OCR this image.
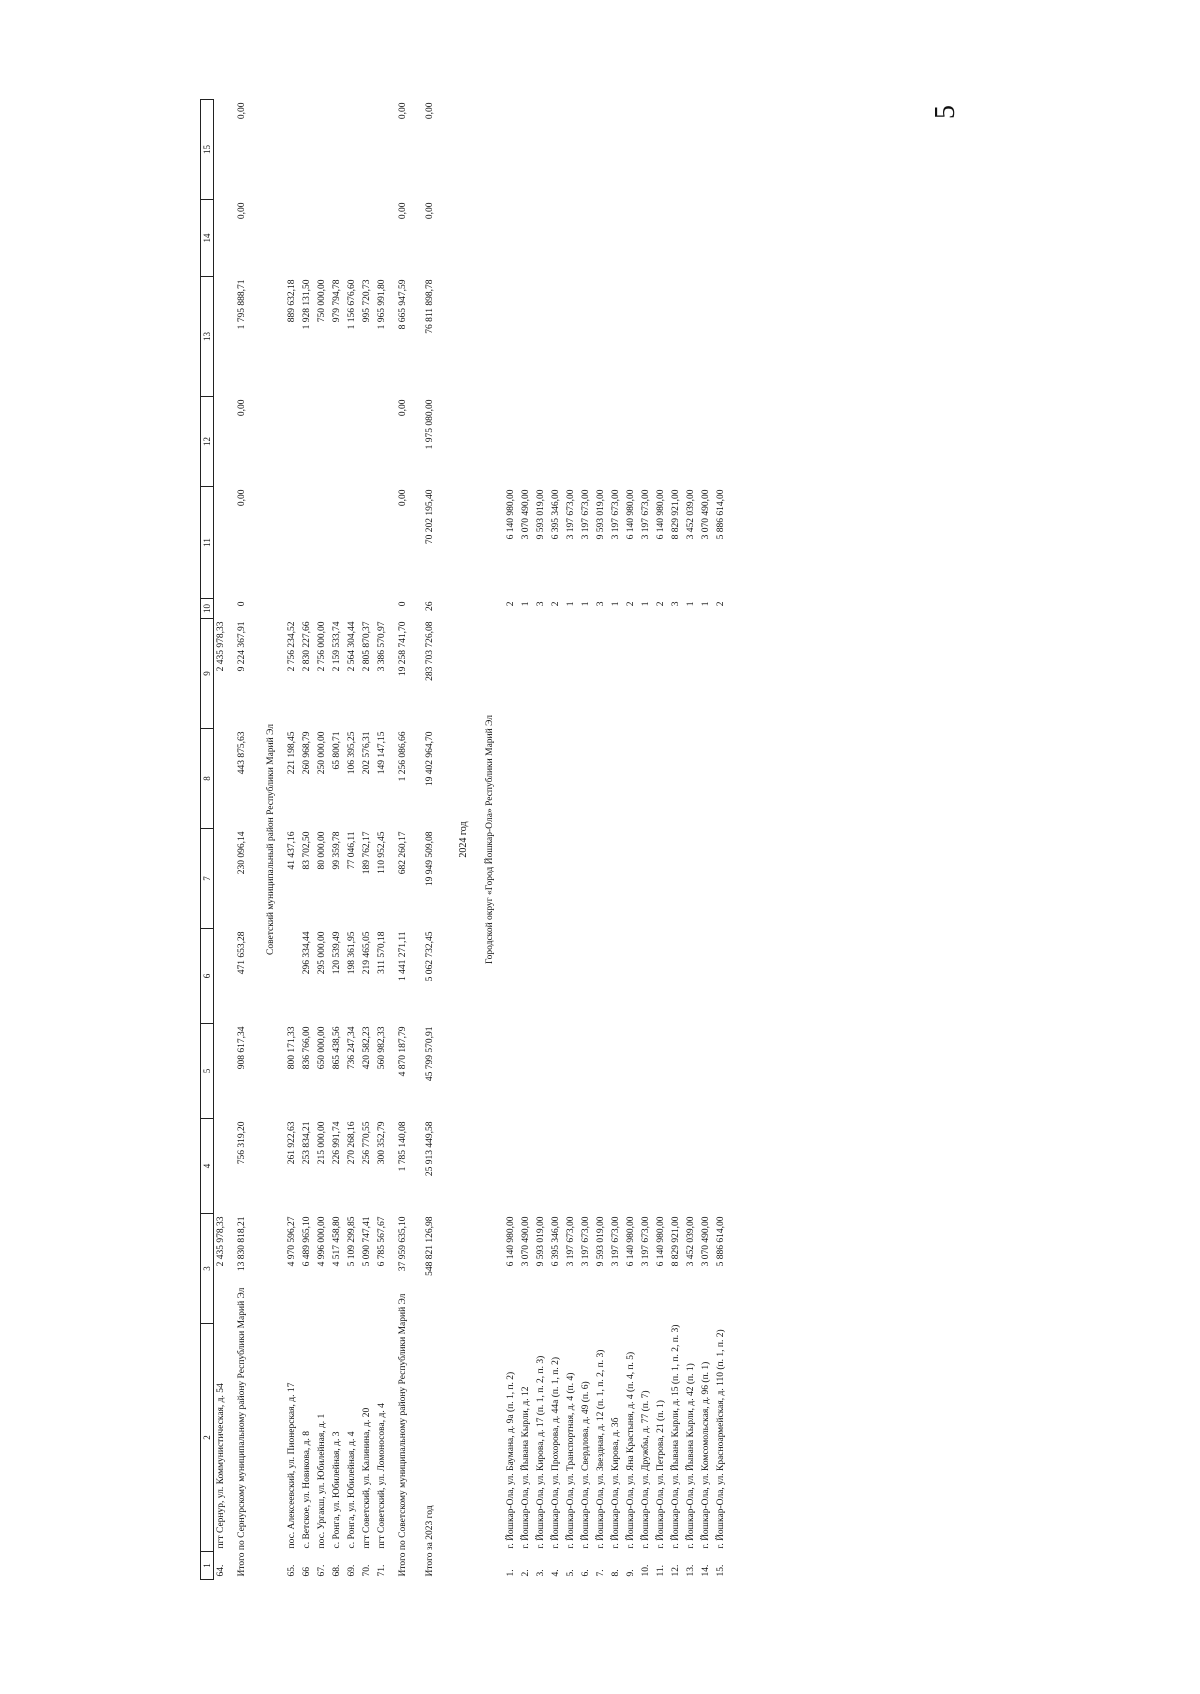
5
1	2	3	4	5	6	7	8	9	10	11	12	13	14	15
64.	пгт Сернур, ул. Коммунистическая, д. 54	2 435 978,33						2 435 978,33						
Итого по Сернурскому муниципальному району Республики Марий Эл		13 830 818,21	756 319,20	908 617,34	471 653,28	230 096,14	443 875,63	9 224 367,91	0	0,00	0,00	1 795 888,71	0,00	0,00
Советский муниципальный район Республики Марий Эл														
65.	пос. Алексеевский, ул. Пионерская, д. 17	4 970 596,27	261 922,63	800 171,33		41 437,16	221 198,45	2 756 234,52				889 632,18		
66	с. Ветское, ул. Новикова, д. 8	6 489 965,10	253 834,21	836 766,00	296 334,44	83 702,50	260 968,79	2 830 227,66				1 928 131,50		
67.	пос. Ургакш, ул. Юбилейная, д. 1	4 996 000,00	215 000,00	650 000,00	295 000,00	80 000,00	250 000,00	2 756 000,00				750 000,00		
68.	с. Ронга, ул. Юбилейная, д. 3	4 517 458,80	226 991,74	865 438,56	120 539,49	99 359,78	65 800,71	2 159 533,74				979 794,78		
69.	с. Ронга, ул. Юбилейная, д. 4	5 109 299,85	270 268,16	736 247,34	198 361,95	77 046,11	106 395,25	2 564 304,44				1 156 676,60		
70.	пгт Советский, ул. Калинина, д. 20	5 090 747,41	256 770,55	420 582,23	219 465,05	189 762,17	202 576,31	2 805 870,37				995 720,73		
71.	пгт Советский, ул. Ломоносова, д. 4	6 785 567,67	300 352,79	560 982,33	311 570,18	110 952,45	149 147,15	3 386 570,97				1 965 991,80		
Итого по Советскому муниципальному району Республики Марий Эл		37 959 635,10	1 785 140,08	4 870 187,79	1 441 271,11	682 260,17	1 256 086,66	19 258 741,70	0	0,00	0,00	8 665 947,59	0,00	0,00
Итого за 2023 год		548 821 126,98	25 913 449,58	45 799 570,91	5 062 732,45	19 949 509,08	19 402 964,70	283 703 726,08	26	70 202 195,40	1 975 080,00	76 811 898,78	0,00	0,00
2024 год														
Городской округ «Город Йошкар-Ола» Республики Марий Эл														
1.	г. Йошкар-Ола, ул. Баумана, д. 9а (п. 1, п. 2)	6 140 980,00							2	6 140 980,00				
2.	г. Йошкар-Ола, ул. Йывана Кырли, д. 12	3 070 490,00							1	3 070 490,00				
3.	г. Йошкар-Ола, ул. Кирова, д. 17 (п. 1, п. 2, п. 3)	9 593 019,00							3	9 593 019,00				
4.	г. Йошкар-Ола, ул. Прохорова, д. 44а (п. 1, п. 2)	6 395 346,00							2	6 395 346,00				
5.	г. Йошкар-Ола, ул. Транспортная, д. 4 (п. 4)	3 197 673,00							1	3 197 673,00				
6.	г. Йошкар-Ола, ул. Свердлова, д. 49 (п. 6)	3 197 673,00							1	3 197 673,00				
7.	г. Йошкар-Ола, ул. Звездная, д. 12 (п. 1, п. 2, п. 3)	9 593 019,00							3	9 593 019,00				
8.	г. Йошкар-Ола, ул. Кирова, д. 3б	3 197 673,00							1	3 197 673,00				
9.	г. Йошкар-Ола, ул. Яна Крастыня, д. 4 (п. 4, п. 5)	6 140 980,00							2	6 140 980,00				
10.	г. Йошкар-Ола, ул. Дружбы, д. 77 (п. 7)	3 197 673,00							1	3 197 673,00				
11.	г. Йошкар-Ола, ул. Петрова, 21 (п. 1)	6 140 980,00							2	6 140 980,00				
12.	г. Йошкар-Ола, ул. Йывана Кырли, д. 15 (п. 1, п. 2, п. 3)	8 829 921,00							3	8 829 921,00				
13.	г. Йошкар-Ола, ул. Йывана Кырли, д. 42 (п. 1)	3 452 039,00							1	3 452 039,00				
14.	г. Йошкар-Ола, ул. Комсомольская, д. 96 (п. 1)	3 070 490,00							1	3 070 490,00				
15.	г. Йошкар-Ола, ул. Красноармейская, д. 110 (п. 1, п. 2)	5 886 614,00							2	5 886 614,00				
